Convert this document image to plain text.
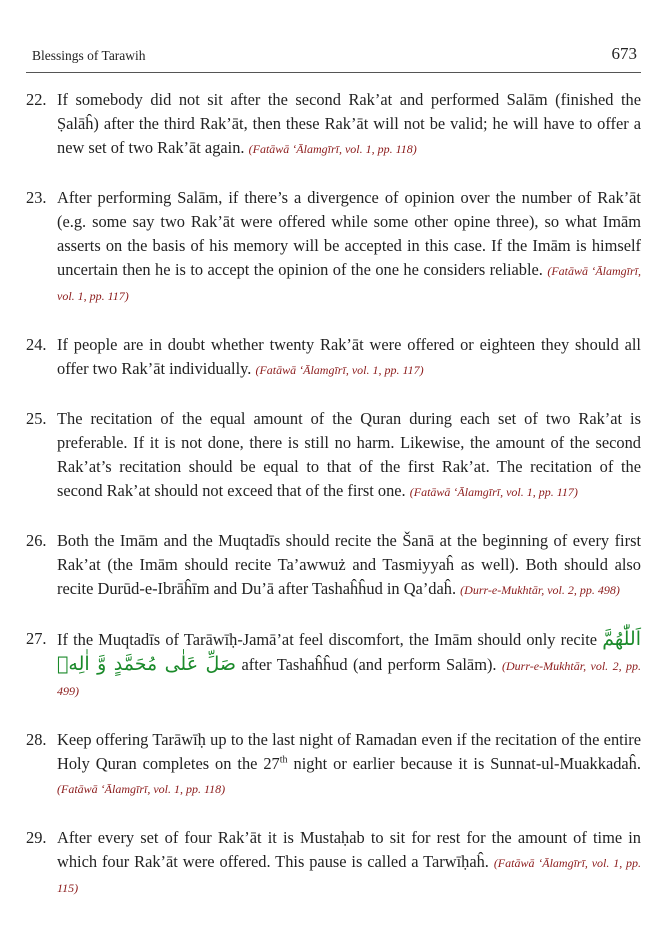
Blessings of Tarawih	673
22. If somebody did not sit after the second Rak’at and performed Salām (finished the Ṣalāĥ) after the third Rak’āt, then these Rak’āt will not be valid; he will have to offer a new set of two Rak’āt again. (Fatāwā ‘Ālamgīrī, vol. 1, pp. 118)
23. After performing Salām, if there’s a divergence of opinion over the number of Rak’āt (e.g. some say two Rak’āt were offered while some other opine three), so what Imām asserts on the basis of his memory will be accepted in this case. If the Imām is himself uncertain then he is to accept the opinion of the one he considers reliable. (Fatāwā ‘Ālamgīrī, vol. 1, pp. 117)
24. If people are in doubt whether twenty Rak’āt were offered or eighteen they should all offer two Rak’āt individually. (Fatāwā ‘Ālamgīrī, vol. 1, pp. 117)
25. The recitation of the equal amount of the Quran during each set of two Rak’at is preferable. If it is not done, there is still no harm. Likewise, the amount of the second Rak’at’s recitation should be equal to that of the first Rak’at. The recitation of the second Rak’at should not exceed that of the first one. (Fatāwā ‘Ālamgīrī, vol. 1, pp. 117)
26. Both the Imām and the Muqtadīs should recite the Šanā at the beginning of every first Rak’at (the Imām should recite Ta’awwuż and Tasmiyyaĥ as well). Both should also recite Durūd-e-Ibrāĥīm and Du’ā after Tashaĥĥud in Qa’daĥ. (Durr-e-Mukhtār, vol. 2, pp. 498)
27. If the Muqtadīs of Tarāwīḥ-Jamā’at feel discomfort, the Imām should only recite اَللّٰهُمَّ صَلِّ عَلٰى مُحَمَّدٍ وَّ اٰلِهٖ after Tashaĥĥud (and perform Salām). (Durr-e-Mukhtār, vol. 2, pp. 499)
28. Keep offering Tarāwīḥ up to the last night of Ramadan even if the recitation of the entire Holy Quran completes on the 27th night or earlier because it is Sunnat-ul-Muakkadaĥ. (Fatāwā ‘Ālamgīrī, vol. 1, pp. 118)
29. After every set of four Rak’āt it is Mustaḥab to sit for rest for the amount of time in which four Rak’āt were offered. This pause is called a Tarwīḥaĥ. (Fatāwā ‘Ālamgīrī, vol. 1, pp. 115)
